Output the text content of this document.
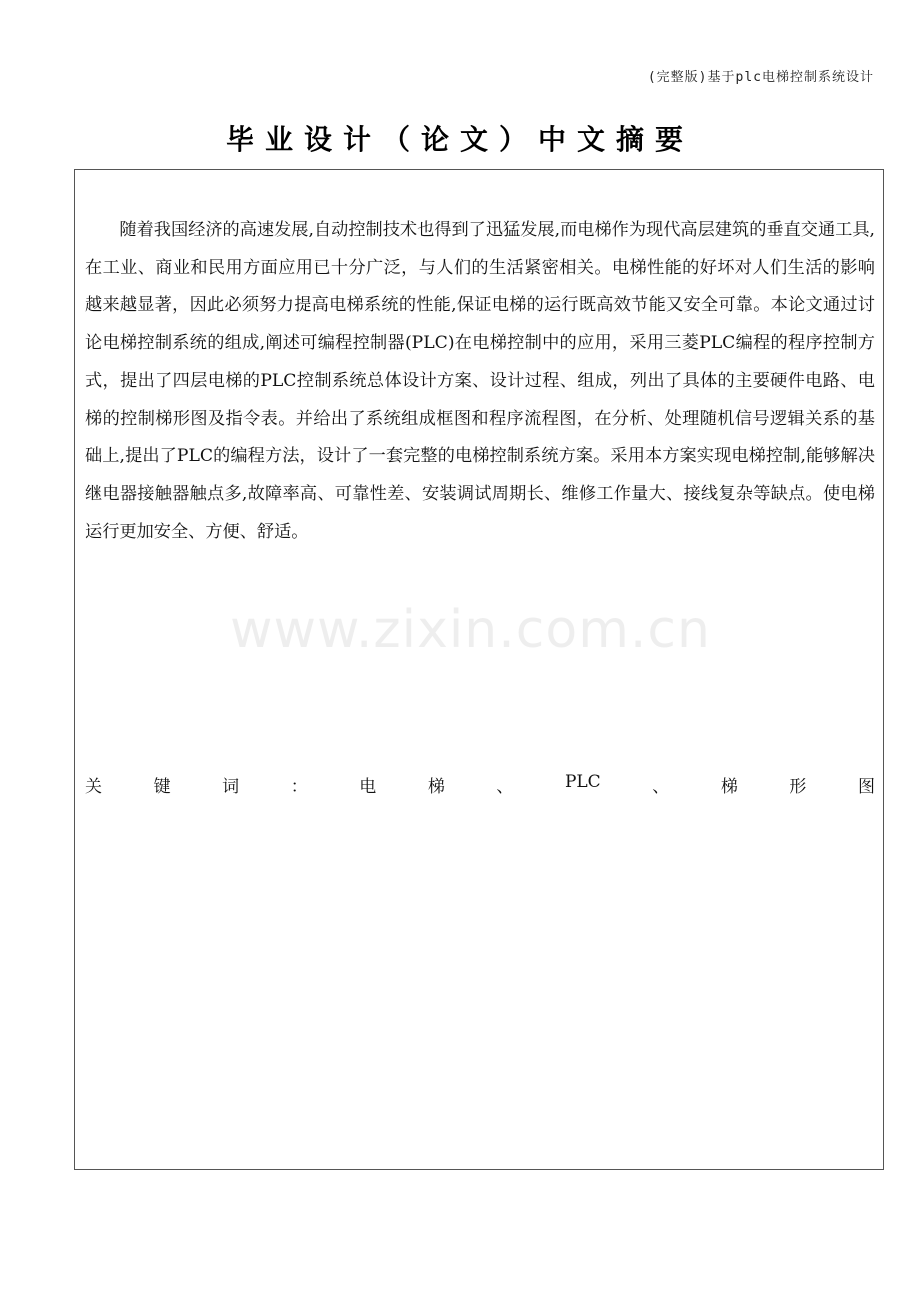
(完整版)基于plc电梯控制系统设计
毕业设计（论文）中文摘要

随着我国经济的高速发展,自动控制技术也得到了迅猛发展,而电梯作为现代高层建筑的垂直交通工具,在工业、商业和民用方面应用已十分广泛，与人们的生活紧密相关。电梯性能的好坏对人们生活的影响越来越显著，因此必须努力提高电梯系统的性能,保证电梯的运行既高效节能又安全可靠。本论文通过讨论电梯控制系统的组成,阐述可编程控制器(PLC)在电梯控制中的应用，采用三菱PLC编程的程序控制方式，提出了四层电梯的PLC控制系统总体设计方案、设计过程、组成，列出了具体的主要硬件电路、电梯的控制梯形图及指令表。并给出了系统组成框图和程序流程图，在分析、处理随机信号逻辑关系的基础上,提出了PLC的编程方法，设计了一套完整的电梯控制系统方案。采用本方案实现电梯控制,能够解决继电器接触器触点多,故障率高、可靠性差、安装调试周期长、维修工作量大、接线复杂等缺点。使电梯运行更加安全、方便、舒适。

关	键	词	：	电	梯	、	PLC	、	梯	形	图
www.zixin.com.cn
